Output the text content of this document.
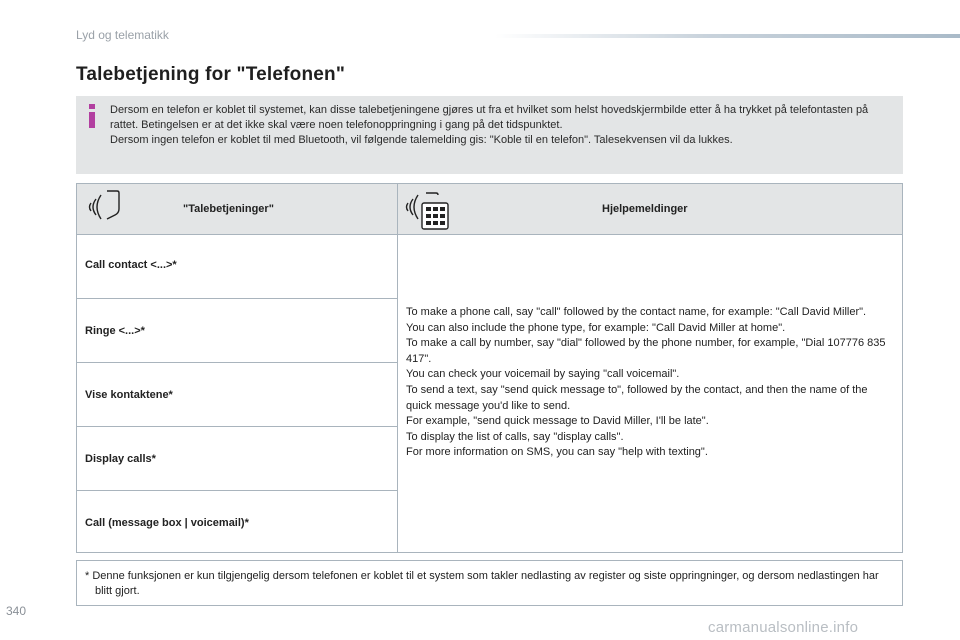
Lyd og telematikk
Talebetjening for "Telefonen"

Dersom en telefon er koblet til systemet, kan disse talebetjeningene gjøres ut fra et hvilket som helst hovedskjermbilde etter å ha trykket på telefontasten på rattet. Betingelsen er at det ikke skal være noen telefonoppringning i gang på det tidspunktet.

Dersom ingen telefon er koblet til med Bluetooth, vil følgende talemelding gis: "Koble til en telefon". Talesekvensen vil da lukkes.

"Talebetjeninger"	Hjelpemeldinger
Call contact <...>*
Ringe <...>*
Vise kontaktene*
Display calls*
Call (message box | voicemail)*

To make a phone call, say "call" followed by the contact name, for example: "Call David Miller".

You can also include the phone type, for example: "Call David Miller at home".

To make a call by number, say "dial" followed by the phone number, for example, "Dial 107776 835 417".

You can check your voicemail by saying "call voicemail".

To send a text, say "send quick message to", followed by the contact, and then the name of the quick message you'd like to send.

For example, "send quick message to David Miller, I'll be late".

To display the list of calls, say "display calls".

For more information on SMS, you can say "help with texting".

* Denne funksjonen er kun tilgjengelig dersom telefonen er koblet til et system som takler nedlasting av register og siste oppringninger, og dersom nedlastingen har blitt gjort.
340
carmanualsonline.info
